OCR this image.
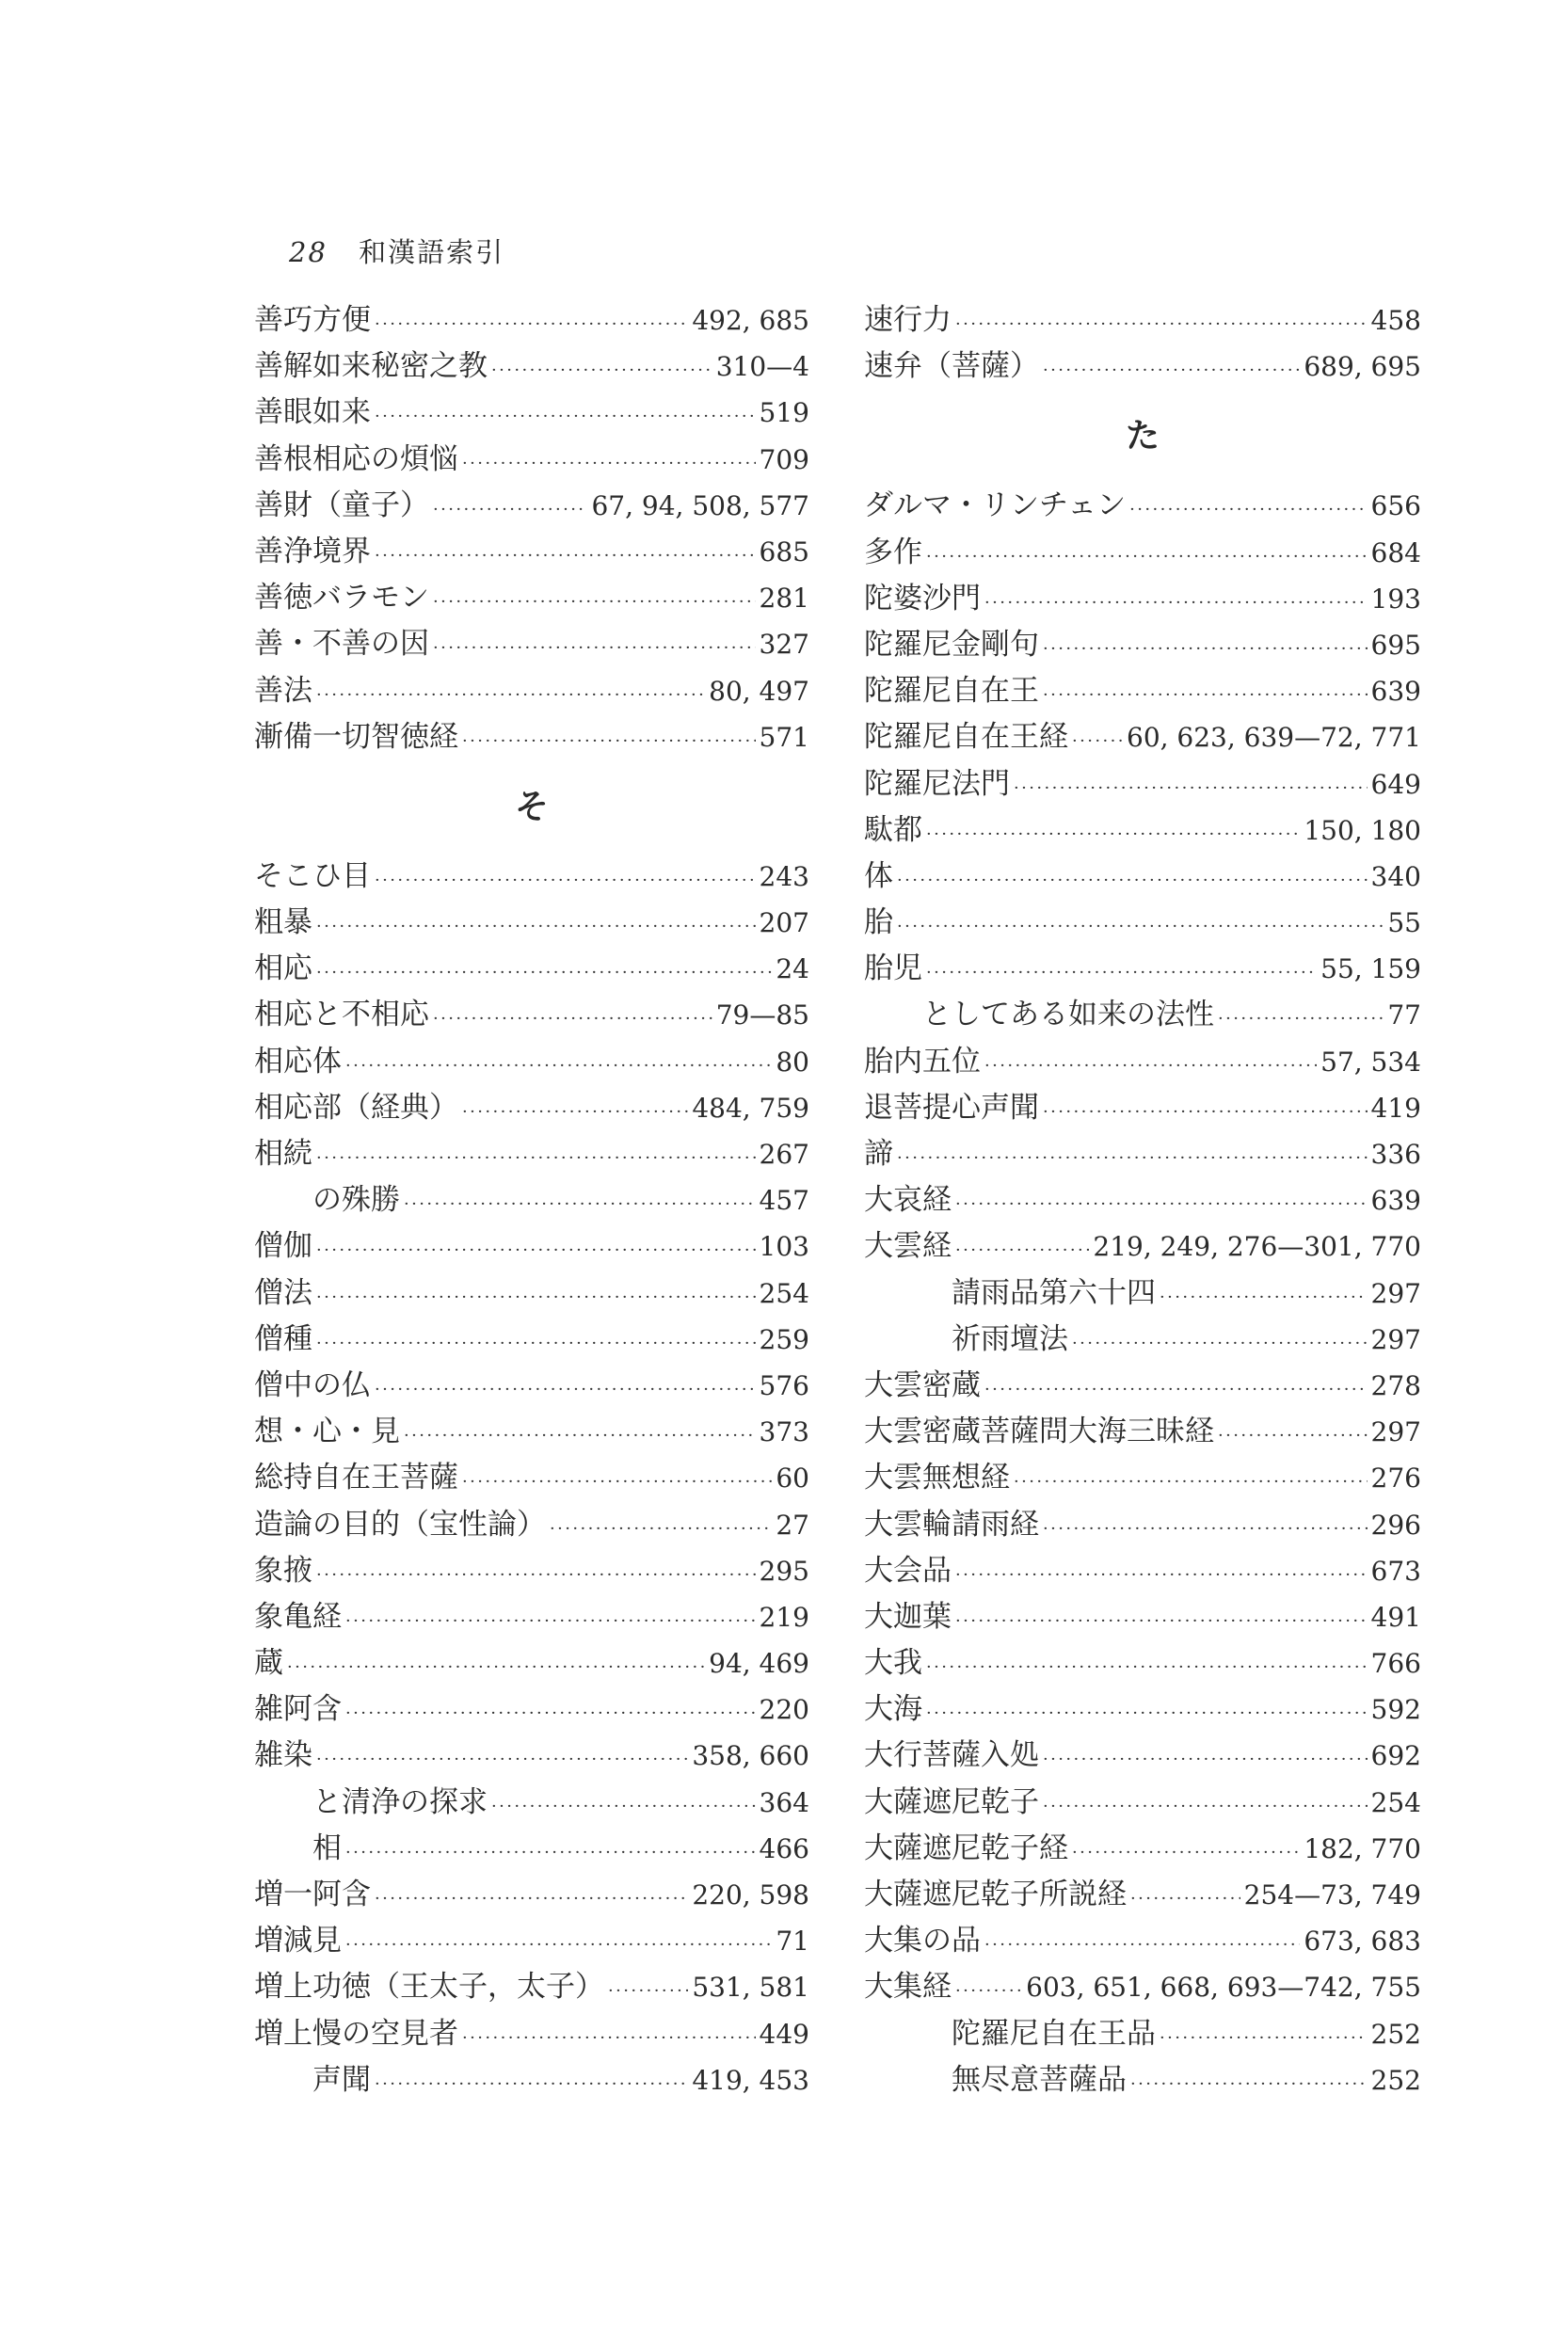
28 和漢語索引
善巧方便 ·····	492, 685
善解如来秘密之教 ·····	310—4
善眼如来 ·····	519
善根相応の煩悩 ·····	709
善財（童子） ·····	67, 94, 508, 577
善浄境界 ·····	685
善徳バラモン ·····	281
善・不善の因 ·····	327
善法 ·····	80, 497
漸備一切智徳経 ·····	571
そ
そこひ目 ·····	243
粗暴 ·····	207
相応 ·····	24
相応と不相応 ·····	79—85
相応体 ·····	80
相応部（経典） ·····	484, 759
相続 ·····	267
の殊勝 ·····	457
僧伽 ·····	103
僧法 ·····	254
僧種 ·····	259
僧中の仏 ·····	576
想・心・見 ·····	373
総持自在王菩薩 ·····	60
造論の目的（宝性論） ·····	27
象掖 ·····	295
象亀経 ·····	219
蔵 ·····	94, 469
雑阿含 ·····	220
雑染 ·····	358, 660
と清浄の探求 ·····	364
相 ·····	466
増一阿含 ·····	220, 598
増減見 ·····	71
増上功徳（王太子，太子） ·····	531, 581
増上慢の空見者 ·····	449
声聞 ·····	419, 453
速行力 ·····	458
速弁（菩薩） ·····	689, 695
た
ダルマ・リンチェン ·····	656
多作 ·····	684
陀婆沙門 ·····	193
陀羅尼金剛句 ·····	695
陀羅尼自在王 ·····	639
陀羅尼自在王経 ····· 60, 623, 639—72, 771
陀羅尼法門 ·····	649
駄都 ·····	150, 180
体 ·····	340
胎 ·····	55
胎児 ·····	55, 159
としてある如来の法性 ·····	77
胎内五位 ·····	57, 534
退菩提心声聞 ·····	419
諦 ·····	336
大哀経 ·····	639
大雲経 ·····	219, 249, 276—301, 770
請雨品第六十四 ·····	297
祈雨壇法 ·····	297
大雲密蔵 ·····	278
大雲密蔵菩薩問大海三昧経 ·····	297
大雲無想経 ·····	276
大雲輪請雨経 ·····	296
大会品 ·····	673
大迦葉 ·····	491
大我 ·····	766
大海 ·····	592
大行菩薩入処 ·····	692
大薩遮尼乾子 ·····	254
大薩遮尼乾子経 ·····	182, 770
大薩遮尼乾子所説経 ·····	254—73, 749
大集の品 ·····	673, 683
大集経 ·····	603, 651, 668, 693—742, 755
陀羅尼自在王品 ·····	252
無尽意菩薩品 ·····	252
